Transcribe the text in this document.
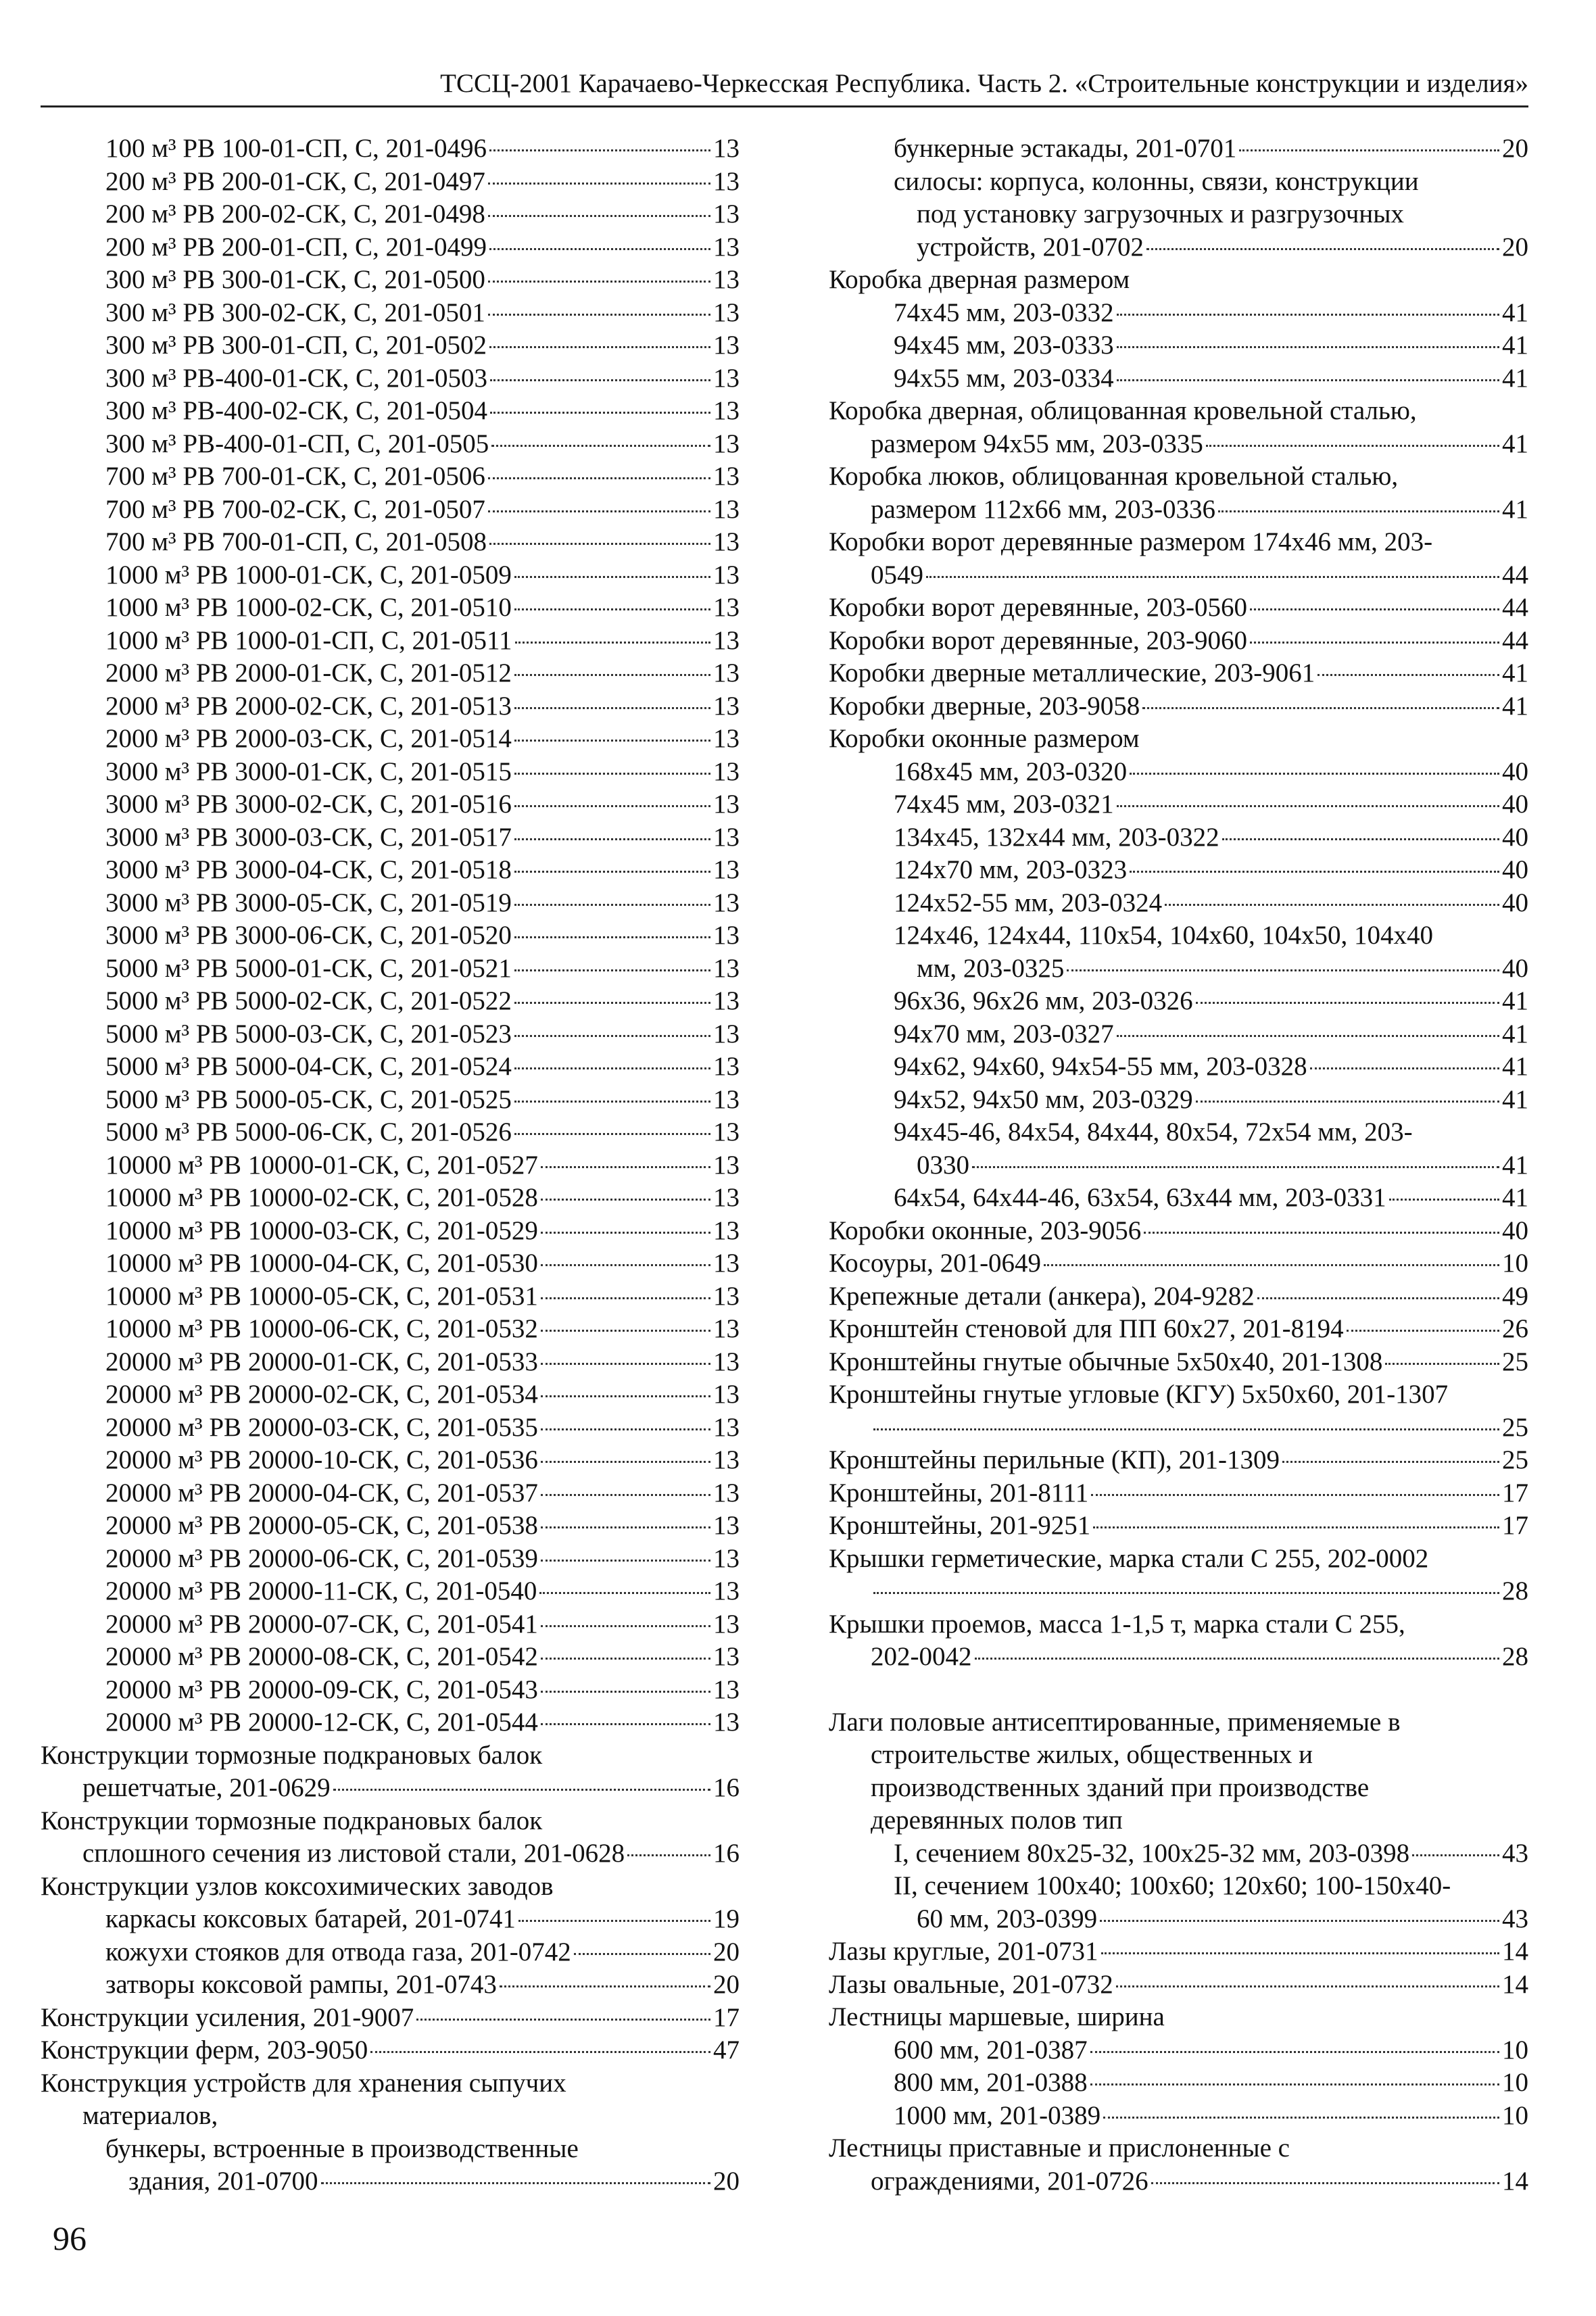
ТССЦ-2001 Карачаево-Черкесская Республика. Часть 2. «Строительные конструкции и изделия»
100 м³ РВ 100-01-СП, С, 201-0496	13
200 м³ РВ 200-01-СК, С, 201-0497	13
200 м³ РВ 200-02-СК, С, 201-0498	13
200 м³ РВ 200-01-СП, С, 201-0499	13
300 м³ РВ 300-01-СК, С, 201-0500	13
300 м³ РВ 300-02-СК, С, 201-0501	13
300 м³ РВ 300-01-СП, С, 201-0502	13
300 м³ РВ-400-01-СК, С, 201-0503	13
300 м³ РВ-400-02-СК, С, 201-0504	13
300 м³ РВ-400-01-СП, С, 201-0505	13
700 м³ РВ 700-01-СК, С, 201-0506	13
700 м³ РВ 700-02-СК, С, 201-0507	13
700 м³ РВ 700-01-СП, С, 201-0508	13
1000 м³ РВ 1000-01-СК, С, 201-0509	13
1000 м³ РВ 1000-02-СК, С, 201-0510	13
1000 м³ РВ 1000-01-СП, С, 201-0511	13
2000 м³ РВ 2000-01-СК, С, 201-0512	13
2000 м³ РВ 2000-02-СК, С, 201-0513	13
2000 м³ РВ 2000-03-СК, С, 201-0514	13
3000 м³ РВ 3000-01-СК, С, 201-0515	13
3000 м³ РВ 3000-02-СК, С, 201-0516	13
3000 м³ РВ 3000-03-СК, С, 201-0517	13
3000 м³ РВ 3000-04-СК, С, 201-0518	13
3000 м³ РВ 3000-05-СК, С, 201-0519	13
3000 м³ РВ 3000-06-СК, С, 201-0520	13
5000 м³ РВ 5000-01-СК, С, 201-0521	13
5000 м³ РВ 5000-02-СК, С, 201-0522	13
5000 м³ РВ 5000-03-СК, С, 201-0523	13
5000 м³ РВ 5000-04-СК, С, 201-0524	13
5000 м³ РВ 5000-05-СК, С, 201-0525	13
5000 м³ РВ 5000-06-СК, С, 201-0526	13
10000 м³ РВ 10000-01-СК, С, 201-0527	13
10000 м³ РВ 10000-02-СК, С, 201-0528	13
10000 м³ РВ 10000-03-СК, С, 201-0529	13
10000 м³ РВ 10000-04-СК, С, 201-0530	13
10000 м³ РВ 10000-05-СК, С, 201-0531	13
10000 м³ РВ 10000-06-СК, С, 201-0532	13
20000 м³ РВ 20000-01-СК, С, 201-0533	13
20000 м³ РВ 20000-02-СК, С, 201-0534	13
20000 м³ РВ 20000-03-СК, С, 201-0535	13
20000 м³ РВ 20000-10-СК, С, 201-0536	13
20000 м³ РВ 20000-04-СК, С, 201-0537	13
20000 м³ РВ 20000-05-СК, С, 201-0538	13
20000 м³ РВ 20000-06-СК, С, 201-0539	13
20000 м³ РВ 20000-11-СК, С, 201-0540	13
20000 м³ РВ 20000-07-СК, С, 201-0541	13
20000 м³ РВ 20000-08-СК, С, 201-0542	13
20000 м³ РВ 20000-09-СК, С, 201-0543	13
20000 м³ РВ 20000-12-СК, С, 201-0544	13
Конструкции тормозные подкрановых балок
решетчатые, 201-0629	16
Конструкции тормозные подкрановых балок
сплошного сечения из листовой стали, 201-0628	16
Конструкции узлов коксохимических заводов
каркасы коксовых батарей, 201-0741	19
кожухи стояков для отвода газа, 201-0742	20
затворы коксовой рампы, 201-0743	20
Конструкции усиления, 201-9007	17
Конструкции ферм, 203-9050	47
Конструкция устройств для хранения сыпучих
материалов,
бункеры, встроенные в производственные
здания, 201-0700	20
бункерные эстакады, 201-0701	20
силосы: корпуса, колонны, связи, конструкции
под установку загрузочных и разгрузочных
устройств, 201-0702	20
Коробка дверная размером
74x45 мм, 203-0332	41
94x45 мм, 203-0333	41
94x55 мм, 203-0334	41
Коробка дверная, облицованная кровельной сталью,
размером 94x55 мм, 203-0335	41
Коробка люков, облицованная кровельной сталью,
размером 112x66 мм, 203-0336	41
Коробки ворот деревянные размером 174x46 мм, 203-
0549	44
Коробки ворот деревянные, 203-0560	44
Коробки ворот деревянные, 203-9060	44
Коробки дверные металлические, 203-9061	41
Коробки дверные, 203-9058	41
Коробки оконные размером
168x45 мм, 203-0320	40
74x45 мм, 203-0321	40
134x45, 132x44 мм, 203-0322	40
124x70 мм, 203-0323	40
124x52-55 мм, 203-0324	40
124x46, 124x44, 110x54, 104x60, 104x50, 104x40
мм, 203-0325	40
96x36, 96x26 мм, 203-0326	41
94x70 мм, 203-0327	41
94x62, 94x60, 94x54-55 мм, 203-0328	41
94x52, 94x50 мм, 203-0329	41
94x45-46, 84x54, 84x44, 80x54, 72x54 мм, 203-
0330	41
64x54, 64x44-46, 63x54, 63x44 мм, 203-0331	41
Коробки оконные, 203-9056	40
Косоуры, 201-0649	10
Крепежные детали (анкера), 204-9282	49
Кронштейн стеновой для ПП 60x27, 201-8194	26
Кронштейны гнутые обычные 5x50x40, 201-1308	25
Кронштейны гнутые угловые (КГУ) 5x50x60, 201-1307
25
Кронштейны перильные (КП), 201-1309	25
Кронштейны, 201-8111	17
Кронштейны, 201-9251	17
Крышки герметические, марка стали С 255, 202-0002
28
Крышки проемов, масса 1-1,5 т, марка стали С 255,
202-0042	28
Лаги половые антисептированные, применяемые в
строительстве жилых, общественных и
производственных зданий при производстве
деревянных полов тип
I, сечением 80x25-32, 100x25-32 мм, 203-0398	43
II, сечением 100x40; 100x60; 120x60; 100-150x40-
60 мм, 203-0399	43
Лазы круглые, 201-0731	14
Лазы овальные, 201-0732	14
Лестницы маршевые, ширина
600 мм, 201-0387	10
800 мм, 201-0388	10
1000 мм, 201-0389	10
Лестницы приставные и прислоненные с
ограждениями, 201-0726	14
96
